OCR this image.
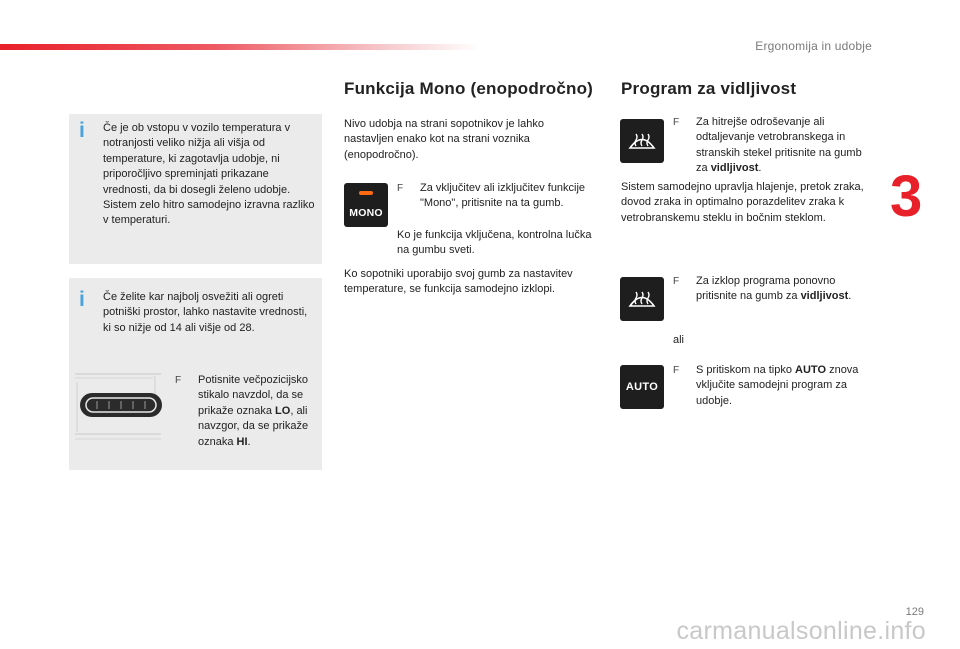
Ergonomija in udobje
3
i Če je ob vstopu v vozilo temperatura v notranjosti veliko nižja ali višja od temperature, ki zagotavlja udobje, ni priporočljivo spreminjati prikazane vrednosti, da bi dosegli želeno udobje. Sistem zelo hitro samodejno izravna razliko v temperaturi.
i Če želite kar najbolj osvežiti ali ogreti potniški prostor, lahko nastavite vrednosti, ki so nižje od 14 ali višje od 28.
F Potisnite večpozicijsko stikalo navzdol, da se prikaže oznaka LO, ali navzgor, da se prikaže oznaka HI.
Funkcija Mono (enopodročno)
Nivo udobja na strani sopotnikov je lahko nastavljen enako kot na strani voznika (enopodročno).
MONO
F Za vključitev ali izključitev funkcije "Mono", pritisnite na ta gumb.
Ko je funkcija vključena, kontrolna lučka na gumbu sveti.
Ko sopotniki uporabijo svoj gumb za nastavitev temperature, se funkcija samodejno izklopi.
Program za vidljivost
F Za hitrejše odroševanje ali odtaljevanje vetrobranskega in stranskih stekel pritisnite na gumb za vidljivost.
Sistem samodejno upravlja hlajenje, pretok zraka, dovod zraka in optimalno porazdelitev zraka k vetrobranskemu steklu in bočnim steklom.
F Za izklop programa ponovno pritisnite na gumb za vidljivost.
ali
AUTO
F S pritiskom na tipko AUTO znova vključite samodejni program za udobje.
129
carmanualsonline.info
